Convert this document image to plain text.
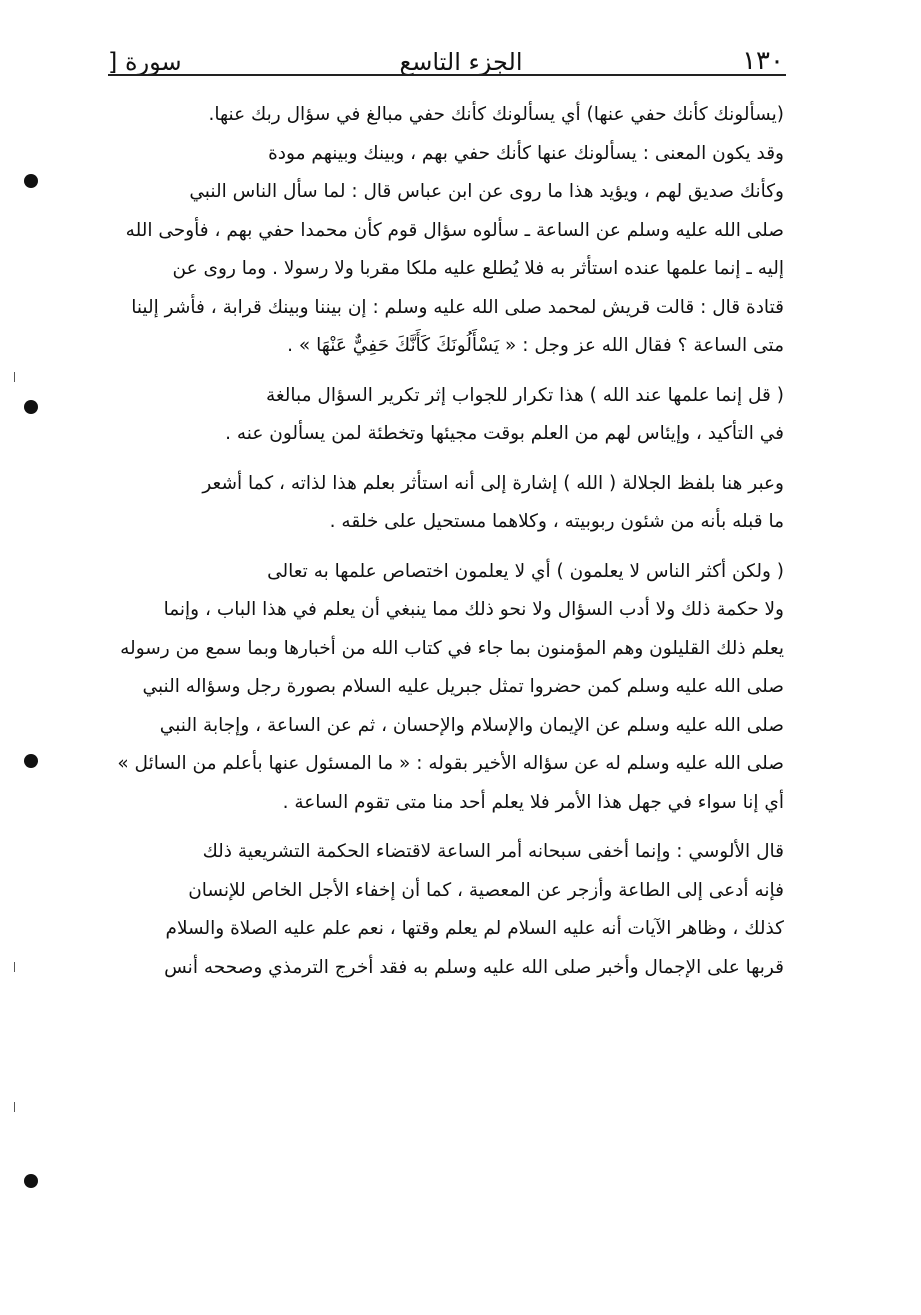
١٣٠
الجزء التاسع
سورة [
(يسألونك كأنك حفي عنها) أي يسألونك كأنك حفي مبالغ في سؤال ربك عنها.
وقد يكون المعنى : يسألونك عنها كأنك حفي بهم ، وبينك وبينهم مودة
وكأنك صديق لهم ، ويؤيد هذا ما روى عن ابن عباس قال : لما سأل الناس النبي
صلى الله عليه وسلم عن الساعة ـ سألوه سؤال قوم كأن محمدا حفي بهم ، فأوحى الله
إليه ـ إنما علمها عنده استأثر به فلا يُطلع عليه ملكا مقربا ولا رسولا . وما روى عن
قتادة قال : قالت قريش لمحمد صلى الله عليه وسلم : إن بيننا وبينك قرابة ، فأشر إلينا
متى الساعة ؟ فقال الله عز وجل : « يَسْأَلُونَكَ كَأَنَّكَ حَفِيٌّ عَنْهَا » .
( قل إنما علمها عند الله ) هذا تكرار للجواب إثر تكرير السؤال مبالغة
في التأكيد ، وإيئاس لهم من العلم بوقت مجيئها وتخطئة لمن يسألون عنه .
وعبر هنا بلفظ الجلالة ( الله ) إشارة إلى أنه استأثر بعلم هذا لذاته ، كما أشعر
ما قبله بأنه من شئون ربوبيته ، وكلاهما مستحيل على خلقه .
( ولكن أكثر الناس لا يعلمون ) أي لا يعلمون اختصاص علمها به تعالى
ولا حكمة ذلك ولا أدب السؤال ولا نحو ذلك مما ينبغي أن يعلم في هذا الباب ، وإنما
يعلم ذلك القليلون وهم المؤمنون بما جاء في كتاب الله من أخبارها وبما سمع من رسوله
صلى الله عليه وسلم كمن حضروا تمثل جبريل عليه السلام بصورة رجل وسؤاله النبي
صلى الله عليه وسلم عن الإيمان والإسلام والإحسان ، ثم عن الساعة ، وإجابة النبي
صلى الله عليه وسلم له عن سؤاله الأخير بقوله : « ما المسئول عنها بأعلم من السائل »
أي إنا سواء في جهل هذا الأمر فلا يعلم أحد منا متى تقوم الساعة .
قال الألوسي : وإنما أخفى سبحانه أمر الساعة لاقتضاء الحكمة التشريعية ذلك
فإنه أدعى إلى الطاعة وأزجر عن المعصية ، كما أن إخفاء الأجل الخاص للإنسان
كذلك ، وظاهر الآيات أنه عليه السلام لم يعلم وقتها ، نعم علم عليه الصلاة والسلام
قربها على الإجمال وأخبر صلى الله عليه وسلم به فقد أخرج الترمذي وصححه أنس
